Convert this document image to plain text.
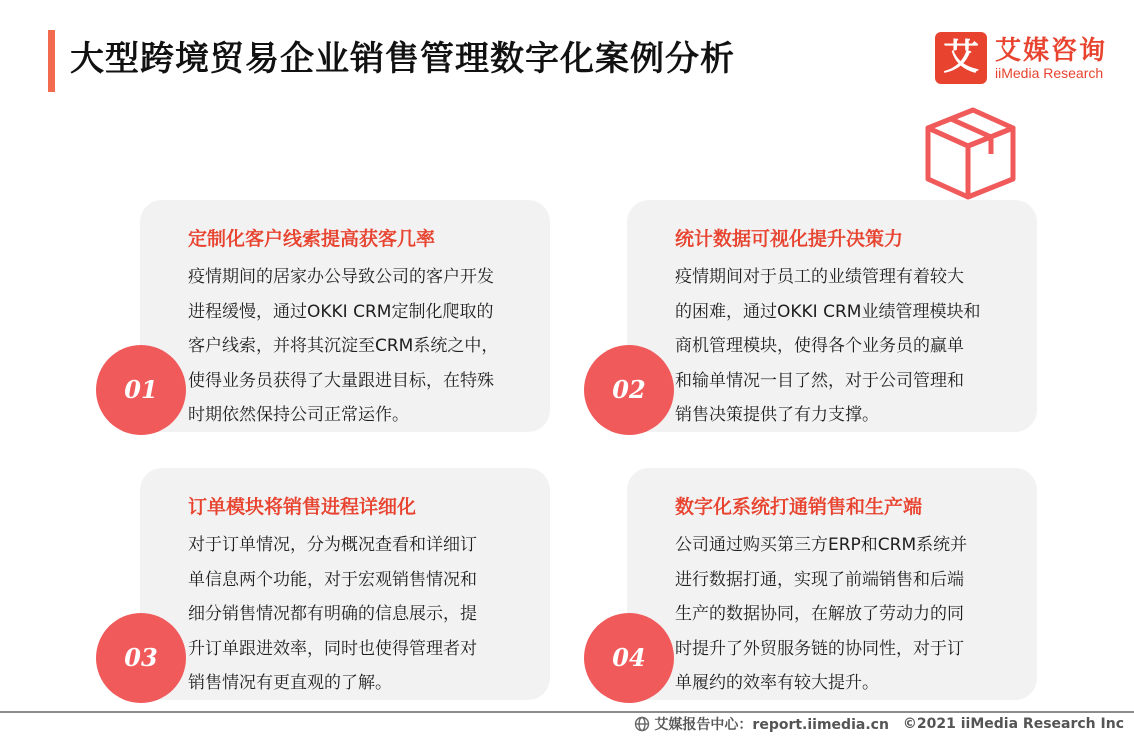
大型跨境贸易企业销售管理数字化案例分析	艾 艾媒咨询
iiMedia Research
定制化客户线索提高获客几率
疫情期间的居家办公导致公司的客户开发
进程缓慢，通过OKKI CRM定制化爬取的
客户线索，并将其沉淀至CRM系统之中，
使得业务员获得了大量跟进目标，在特殊
时期依然保持公司正常运作。
01
统计数据可视化提升决策力
疫情期间对于员工的业绩管理有着较大
的困难，通过OKKI CRM业绩管理模块和
商机管理模块，使得各个业务员的赢单
和输单情况一目了然，对于公司管理和
销售决策提供了有力支撑。
02
订单模块将销售进程详细化
对于订单情况，分为概况查看和详细订
单信息两个功能，对于宏观销售情况和
细分销售情况都有明确的信息展示，提
升订单跟进效率，同时也使得管理者对
销售情况有更直观的了解。
03
数字化系统打通销售和生产端
公司通过购买第三方ERP和CRM系统并
进行数据打通，实现了前端销售和后端
生产的数据协同，在解放了劳动力的同
时提升了外贸服务链的协同性，对于订
单履约的效率有较大提升。
04
艾媒报告中心：report.iimedia.cn ©2021 iiMedia Research Inc
